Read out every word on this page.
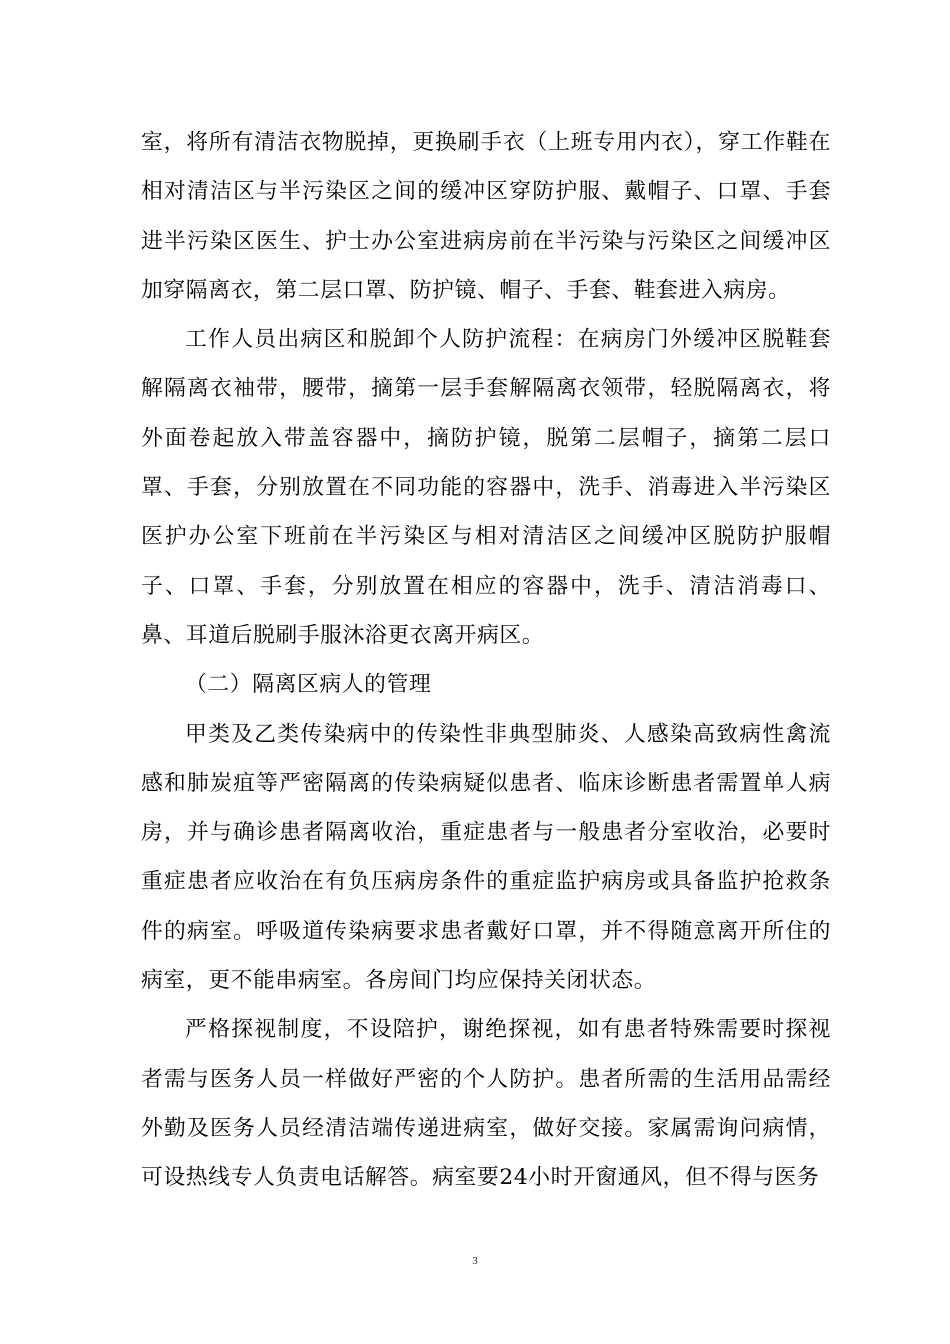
室，将所有清洁衣物脱掉，更换刷手衣（上班专用内衣），穿工作鞋在相对清洁区与半污染区之间的缓冲区穿防护服、戴帽子、口罩、手套进半污染区医生、护士办公室进病房前在半污染与污染区之间缓冲区加穿隔离衣，第二层口罩、防护镜、帽子、手套、鞋套进入病房。

工作人员出病区和脱卸个人防护流程：在病房门外缓冲区脱鞋套解隔离衣袖带，腰带，摘第一层手套解隔离衣领带，轻脱隔离衣，将外面卷起放入带盖容器中，摘防护镜，脱第二层帽子，摘第二层口罩、手套，分别放置在不同功能的容器中，洗手、消毒进入半污染区医护办公室下班前在半污染区与相对清洁区之间缓冲区脱防护服帽子、口罩、手套，分别放置在相应的容器中，洗手、清洁消毒口、鼻、耳道后脱刷手服沐浴更衣离开病区。

（二）隔离区病人的管理

甲类及乙类传染病中的传染性非典型肺炎、人感染高致病性禽流感和肺炭疽等严密隔离的传染病疑似患者、临床诊断患者需置单人病房，并与确诊患者隔离收治，重症患者与一般患者分室收治，必要时重症患者应收治在有负压病房条件的重症监护病房或具备监护抢救条件的病室。呼吸道传染病要求患者戴好口罩，并不得随意离开所住的病室，更不能串病室。各房间门均应保持关闭状态。

严格探视制度，不设陪护，谢绝探视，如有患者特殊需要时探视者需与医务人员一样做好严密的个人防护。患者所需的生活用品需经外勤及医务人员经清洁端传递进病室，做好交接。家属需询问病情，可设热线专人负责电话解答。病室要24小时开窗通风，但不得与医务

3
